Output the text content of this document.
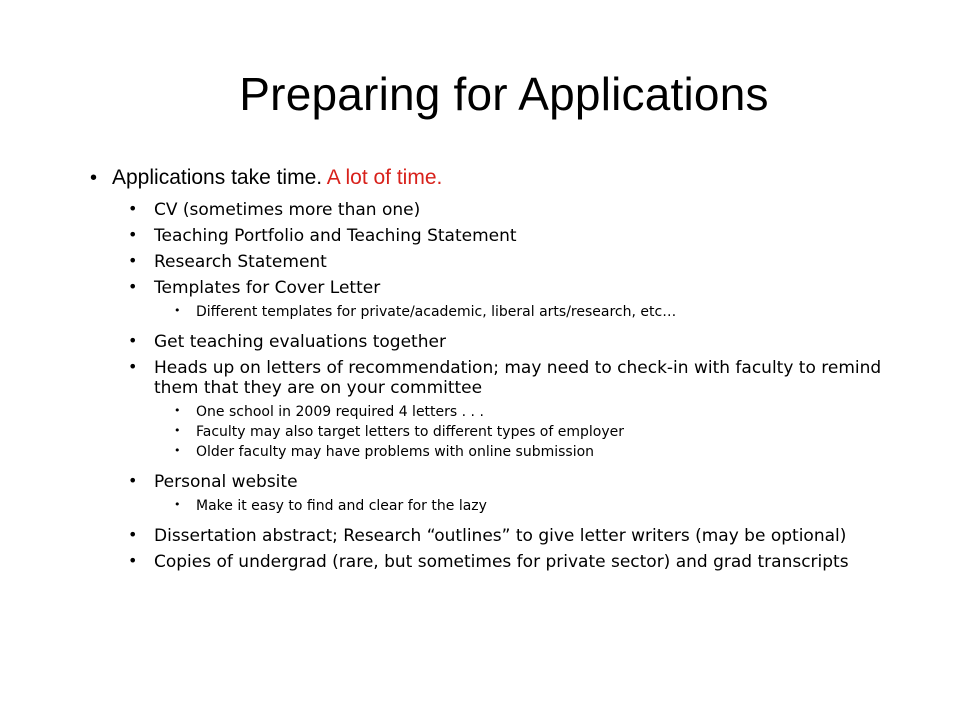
Preparing for Applications
• Applications take time. A lot of time.
• CV (sometimes more than one)
• Teaching Portfolio and Teaching Statement
• Research Statement
• Templates for Cover Letter
• Different templates for private/academic, liberal arts/research, etc…
• Get teaching evaluations together
• Heads up on letters of recommendation; may need to check-in with faculty to remind them that they are on your committee
• One school in 2009 required 4 letters . . .
• Faculty may also target letters to different types of employer
• Older faculty may have problems with online submission
• Personal website
• Make it easy to find and clear for the lazy
• Dissertation abstract; Research “outlines” to give letter writers (may be optional)
• Copies of undergrad (rare, but sometimes for private sector) and grad transcripts
